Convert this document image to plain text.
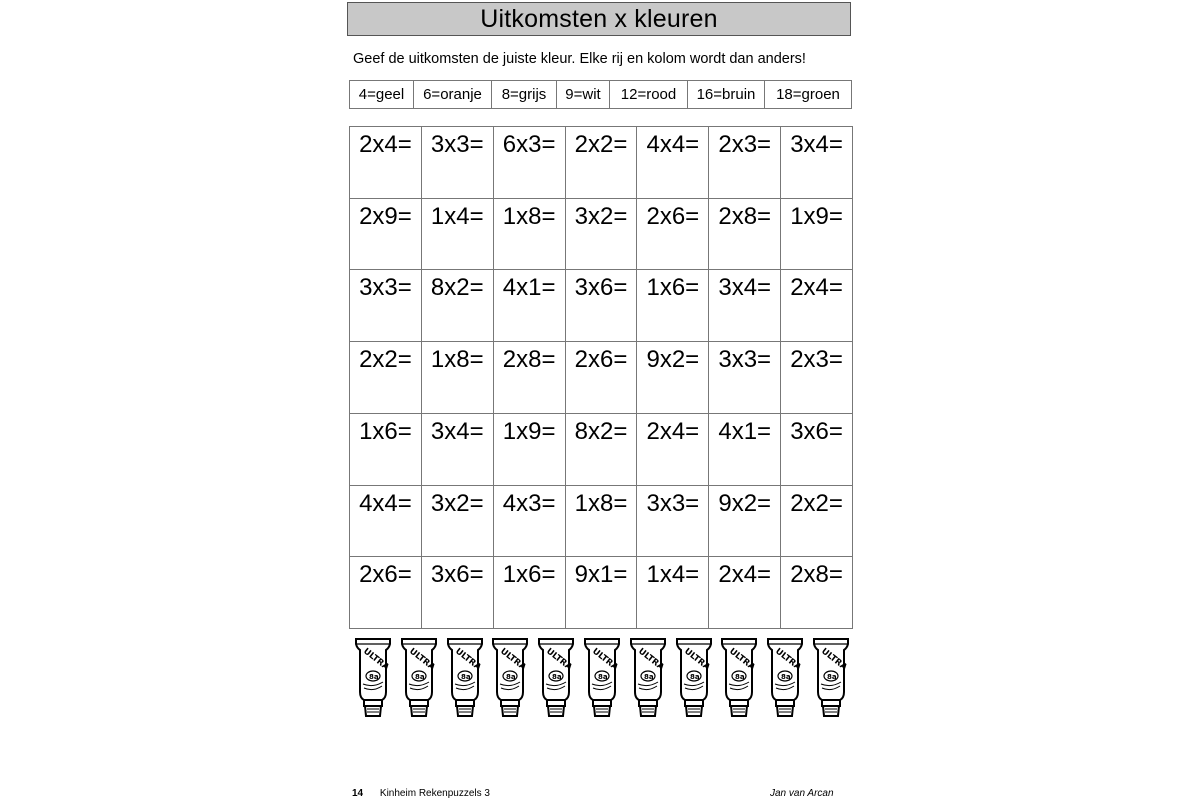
Uitkomsten x kleuren
Geef de uitkomsten de juiste kleur. Elke rij en kolom wordt dan anders!
4=geel	6=oranje	8=grijs	9=wit	12=rood	16=bruin	18=groen
2x4= 3x3= 6x3= 2x2= 4x4= 2x3= 3x4=
2x9= 1x4= 1x8= 3x2= 2x6= 2x8= 1x9=
3x3= 8x2= 4x1= 3x6= 1x6= 3x4= 2x4=
2x2= 1x8= 2x8= 2x6= 9x2= 3x3= 2x3=
1x6= 3x4= 1x9= 8x2= 2x4= 4x1= 3x6=
4x4= 3x2= 4x3= 1x8= 3x3= 9x2= 2x2=
2x6= 3x6= 1x6= 9x1= 1x4= 2x4= 2x8=
ULTRA
8a
ULTRA
8a
ULTRA
8a
ULTRA
8a
ULTRA
8a
ULTRA
8a
ULTRA
8a
ULTRA
8a
ULTRA
8a
ULTRA
8a
ULTRA
8a
14 Kinheim Rekenpuzzels 3	Jan van Arcan
